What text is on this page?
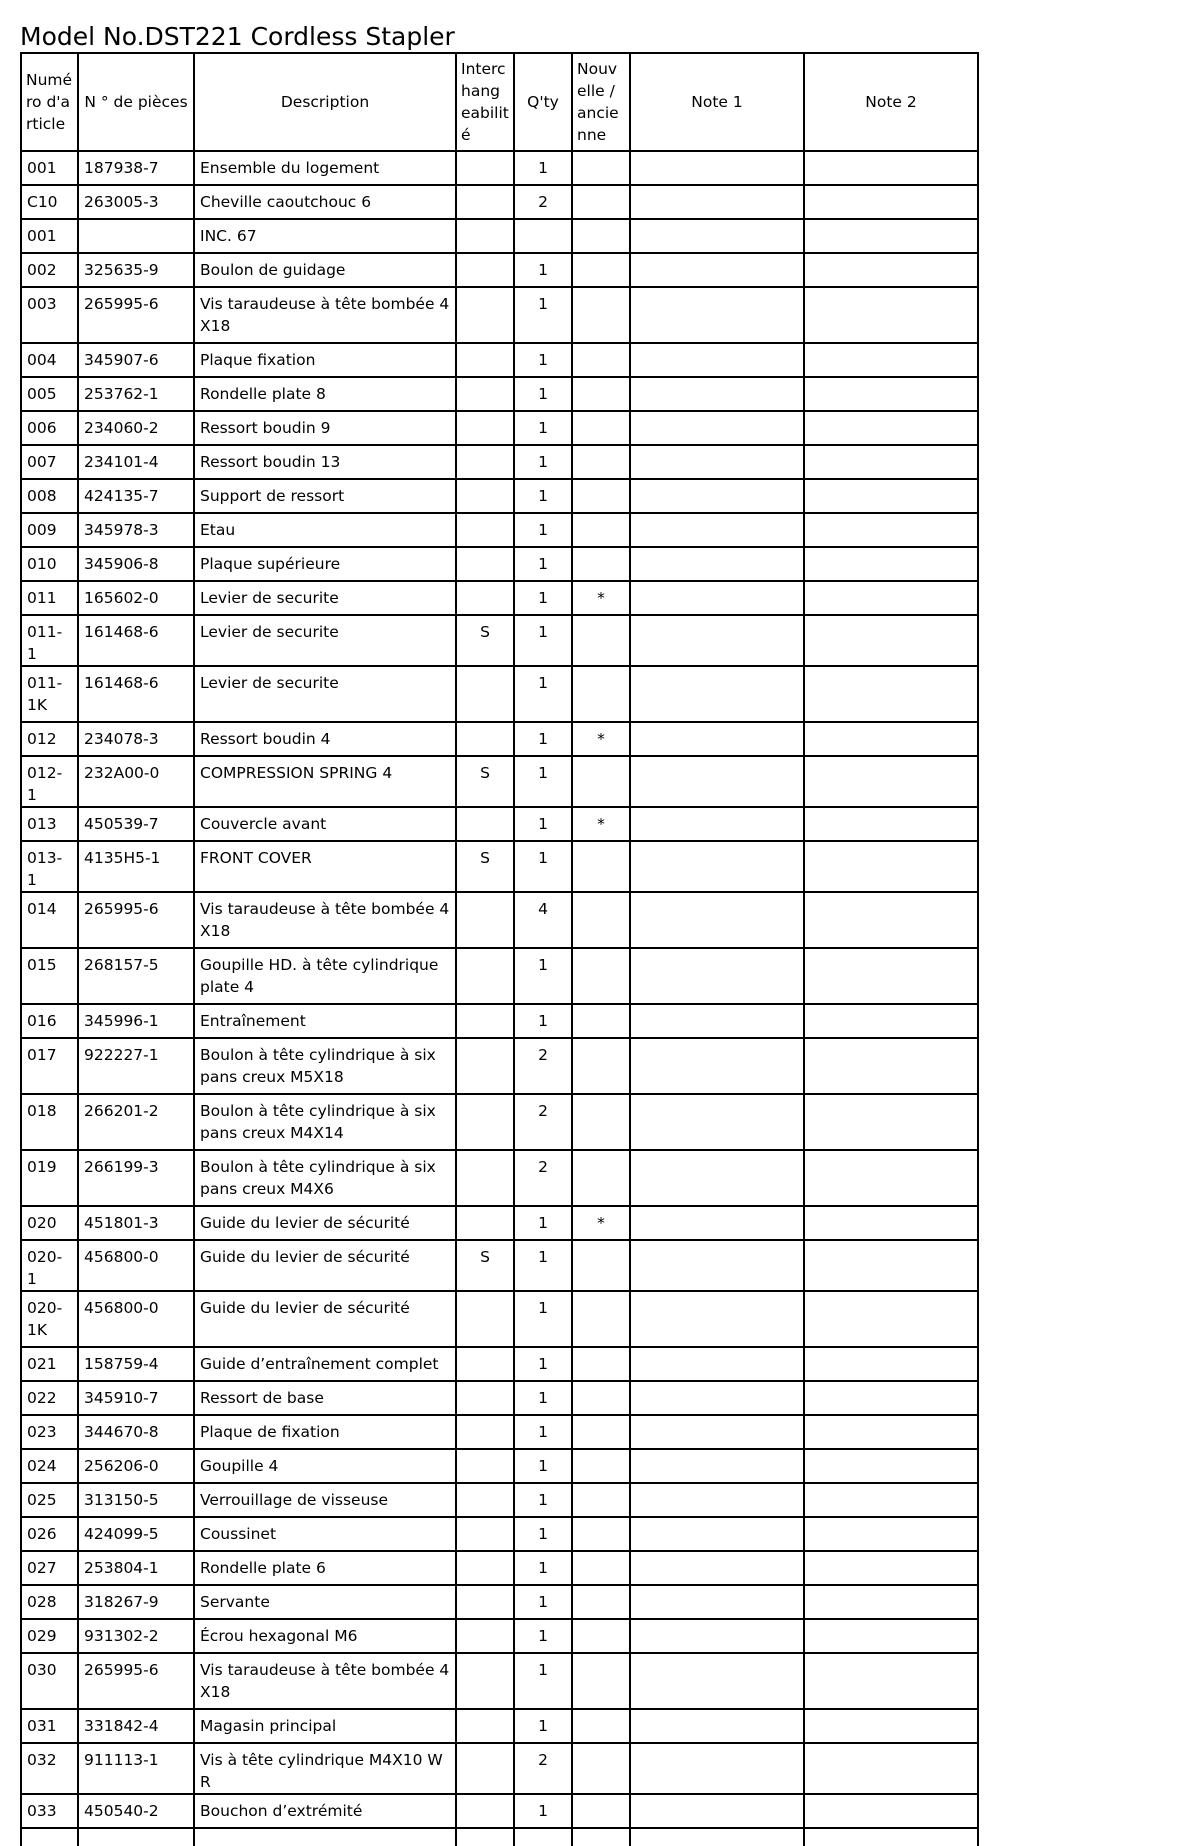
Model No.DST221 Cordless Stapler
Numéro d'article	N ° de pièces	Description	Interchangeabilité	Q'ty	Nouvelle / ancienne	Note 1	Note 2
001	187938-7	Ensemble du logement		1			
C10	263005-3	Cheville caoutchouc 6		2			
001		INC. 67					
002	325635-9	Boulon de guidage		1			
003	265995-6	Vis taraudeuse à tête bombée 4X18		1			
004	345907-6	Plaque fixation		1			
005	253762-1	Rondelle plate 8		1			
006	234060-2	Ressort boudin 9		1			
007	234101-4	Ressort boudin 13		1			
008	424135-7	Support de ressort		1			
009	345978-3	Etau		1			
010	345906-8	Plaque supérieure		1			
011	165602-0	Levier de securite		1	*		
011-1	161468-6	Levier de securite	S	1			
011-1K	161468-6	Levier de securite		1			
012	234078-3	Ressort boudin 4		1	*		
012-1	232A00-0	COMPRESSION SPRING 4	S	1			
013	450539-7	Couvercle avant		1	*		
013-1	4135H5-1	FRONT COVER	S	1			
014	265995-6	Vis taraudeuse à tête bombée 4X18		4			
015	268157-5	Goupille HD. à tête cylindrique plate 4		1			
016	345996-1	Entraînement		1			
017	922227-1	Boulon à tête cylindrique à six pans creux M5X18		2			
018	266201-2	Boulon à tête cylindrique à six pans creux M4X14		2			
019	266199-3	Boulon à tête cylindrique à six pans creux M4X6		2			
020	451801-3	Guide du levier de sécurité		1	*		
020-1	456800-0	Guide du levier de sécurité	S	1			
020-1K	456800-0	Guide du levier de sécurité		1			
021	158759-4	Guide d’entraînement complet		1			
022	345910-7	Ressort de base		1			
023	344670-8	Plaque de fixation		1			
024	256206-0	Goupille 4		1			
025	313150-5	Verrouillage de visseuse		1			
026	424099-5	Coussinet		1			
027	253804-1	Rondelle plate 6		1			
028	318267-9	Servante		1			
029	931302-2	Écrou hexagonal M6		1			
030	265995-6	Vis taraudeuse à tête bombée 4X18		1			
031	331842-4	Magasin principal		1			
032	911113-1	Vis à tête cylindrique M4X10 WR		2			
033	450540-2	Bouchon d’extrémité		1			
